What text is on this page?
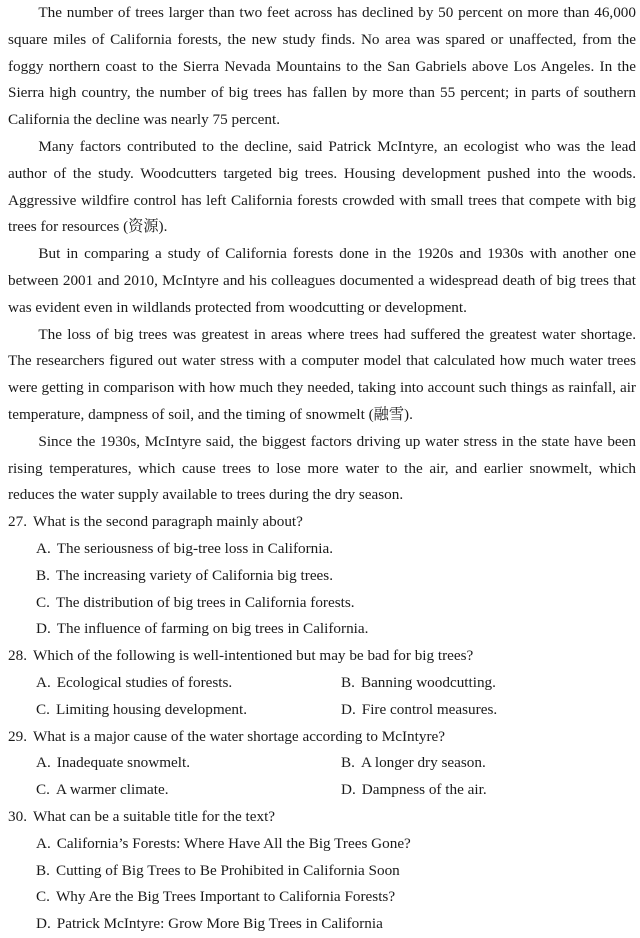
The number of trees larger than two feet across has declined by 50 percent on more than 46,000 square miles of California forests, the new study finds. No area was spared or unaffected, from the foggy northern coast to the Sierra Nevada Mountains to the San Gabriels above Los Angeles. In the Sierra high country, the number of big trees has fallen by more than 55 percent; in parts of southern California the decline was nearly 75 percent.

Many factors contributed to the decline, said Patrick McIntyre, an ecologist who was the lead author of the study. Woodcutters targeted big trees. Housing development pushed into the woods. Aggressive wildfire control has left California forests crowded with small trees that compete with big trees for resources (资源).

But in comparing a study of California forests done in the 1920s and 1930s with another one between 2001 and 2010, McIntyre and his colleagues documented a widespread death of big trees that was evident even in wildlands protected from woodcutting or development.

The loss of big trees was greatest in areas where trees had suffered the greatest water shortage. The researchers figured out water stress with a computer model that calculated how much water trees were getting in comparison with how much they needed, taking into account such things as rainfall, air temperature, dampness of soil, and the timing of snowmelt (融雪).

Since the 1930s, McIntyre said, the biggest factors driving up water stress in the state have been rising temperatures, which cause trees to lose more water to the air, and earlier snowmelt, which reduces the water supply available to trees during the dry season.

27. What is the second paragraph mainly about?
A. The seriousness of big-tree loss in California.
B. The increasing variety of California big trees.
C. The distribution of big trees in California forests.
D. The influence of farming on big trees in California.
28. Which of the following is well-intentioned but may be bad for big trees?
A. Ecological studies of forests.	B. Banning woodcutting.
C. Limiting housing development.	D. Fire control measures.
29. What is a major cause of the water shortage according to McIntyre?
A. Inadequate snowmelt.	B. A longer dry season.
C. A warmer climate.	D. Dampness of the air.
30. What can be a suitable title for the text?
A. California’s Forests: Where Have All the Big Trees Gone?
B. Cutting of Big Trees to Be Prohibited in California Soon
C. Why Are the Big Trees Important to California Forests?
D. Patrick McIntyre: Grow More Big Trees in California
